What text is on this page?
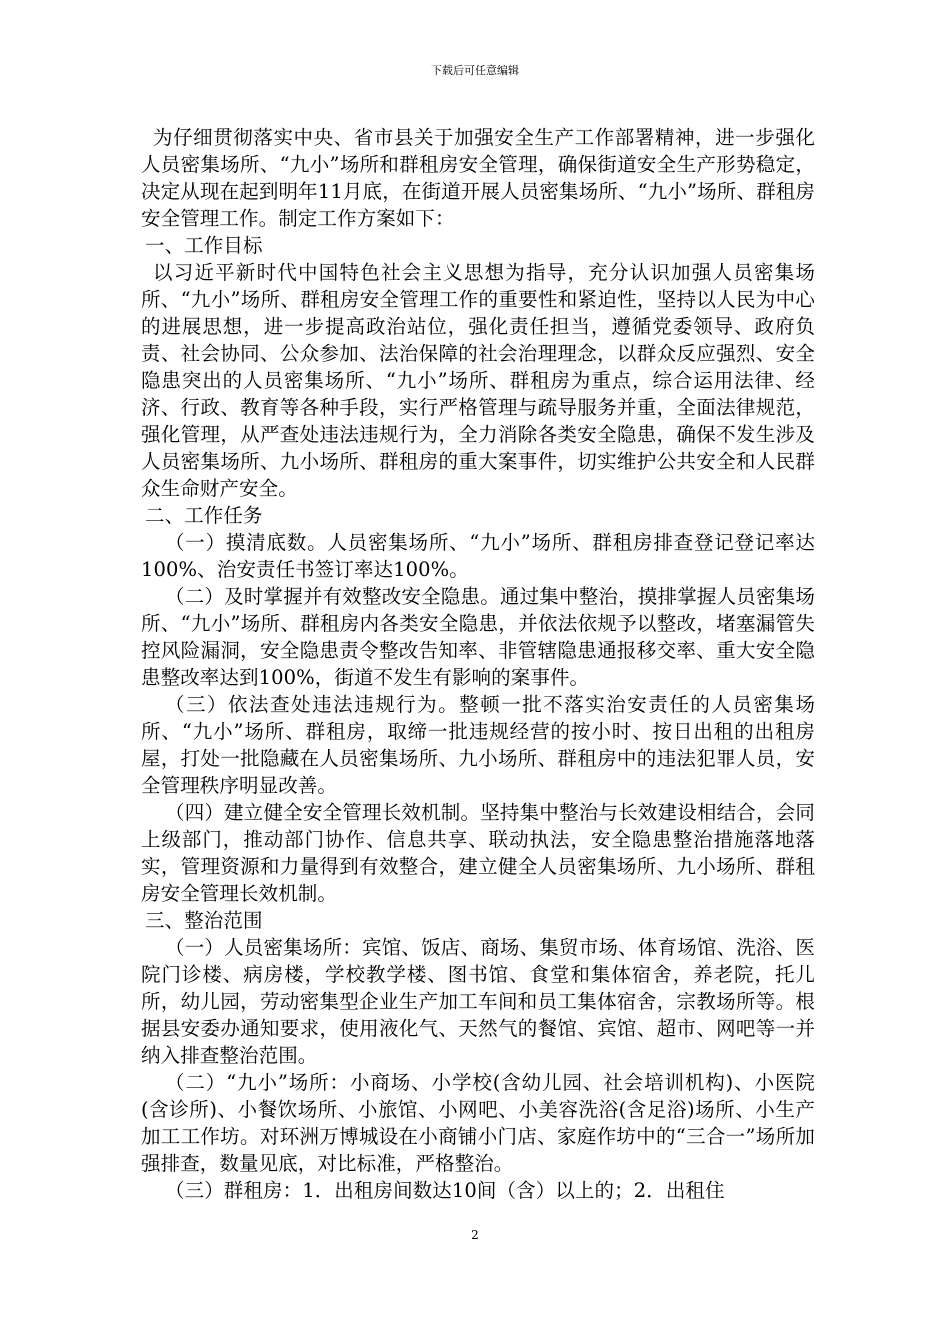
下载后可任意编辑

为仔细贯彻落实中央、省市县关于加强安全生产工作部署精神，进一步强化人员密集场所、“九小”场所和群租房安全管理，确保街道安全生产形势稳定，决定从现在起到明年11月底，在街道开展人员密集场所、“九小”场所、群租房安全管理工作。制定工作方案如下：

一、工作目标

以习近平新时代中国特色社会主义思想为指导，充分认识加强人员密集场所、“九小”场所、群租房安全管理工作的重要性和紧迫性，坚持以人民为中心的进展思想，进一步提高政治站位，强化责任担当，遵循党委领导、政府负责、社会协同、公众参加、法治保障的社会治理理念，以群众反应强烈、安全隐患突出的人员密集场所、“九小”场所、群租房为重点，综合运用法律、经济、行政、教育等各种手段，实行严格管理与疏导服务并重，全面法律规范，强化管理，从严查处违法违规行为，全力消除各类安全隐患，确保不发生涉及人员密集场所、九小场所、群租房的重大案事件，切实维护公共安全和人民群众生命财产安全。

二、工作任务

（一）摸清底数。人员密集场所、“九小”场所、群租房排查登记登记率达100%、治安责任书签订率达100%。

（二）及时掌握并有效整改安全隐患。通过集中整治，摸排掌握人员密集场所、“九小”场所、群租房内各类安全隐患，并依法依规予以整改，堵塞漏管失控风险漏洞，安全隐患责令整改告知率、非管辖隐患通报移交率、重大安全隐患整改率达到100%，街道不发生有影响的案事件。

（三）依法查处违法违规行为。整顿一批不落实治安责任的人员密集场所、“九小”场所、群租房，取缔一批违规经营的按小时、按日出租的出租房屋，打处一批隐藏在人员密集场所、九小场所、群租房中的违法犯罪人员，安全管理秩序明显改善。

（四）建立健全安全管理长效机制。坚持集中整治与长效建设相结合，会同上级部门，推动部门协作、信息共享、联动执法，安全隐患整治措施落地落实，管理资源和力量得到有效整合，建立健全人员密集场所、九小场所、群租房安全管理长效机制。

三、整治范围

（一）人员密集场所：宾馆、饭店、商场、集贸市场、体育场馆、洗浴、医院门诊楼、病房楼，学校教学楼、图书馆、食堂和集体宿舍，养老院，托儿所，幼儿园，劳动密集型企业生产加工车间和员工集体宿舍，宗教场所等。根据县安委办通知要求，使用液化气、天然气的餐馆、宾馆、超市、网吧等一并纳入排查整治范围。

（二）“九小”场所：小商场、小学校(含幼儿园、社会培训机构)、小医院(含诊所)、小餐饮场所、小旅馆、小网吧、小美容洗浴(含足浴)场所、小生产加工工作坊。对环洲万博城设在小商铺小门店、家庭作坊中的“三合一”场所加强排查，数量见底，对比标准，严格整治。

（三）群租房：1．出租房间数达10间（含）以上的；2．出租住

2
